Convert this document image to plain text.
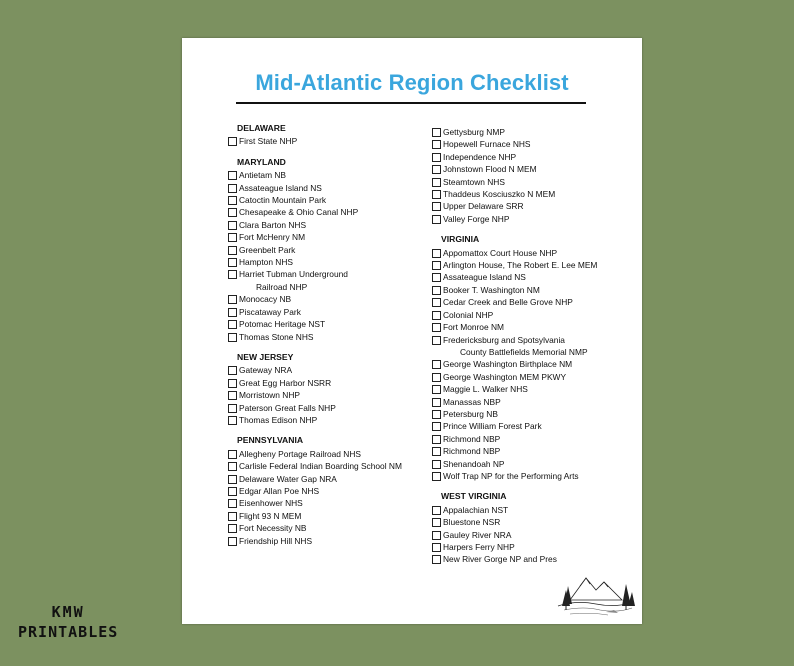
Mid-Atlantic Region Checklist
DELAWARE
First State NHP
MARYLAND
Antietam NB
Assateague Island NS
Catoctin Mountain Park
Chesapeake & Ohio Canal NHP
Clara Barton NHS
Fort McHenry NM
Greenbelt Park
Hampton NHS
Harriet Tubman Underground
Railroad NHP
Monocacy NB
Piscataway Park
Potomac Heritage NST
Thomas Stone NHS
NEW JERSEY
Gateway NRA
Great Egg Harbor NSRR
Morristown NHP
Paterson Great Falls NHP
Thomas Edison NHP
PENNSYLVANIA
Allegheny Portage Railroad NHS
Carlisle Federal Indian Boarding School NM
Delaware Water Gap NRA
Edgar Allan Poe NHS
Eisenhower NHS
Flight 93 N MEM
Fort Necessity NB
Friendship Hill NHS
Gettysburg NMP
Hopewell Furnace NHS
Independence NHP
Johnstown Flood N MEM
Steamtown NHS
Thaddeus Kosciuszko N MEM
Upper Delaware SRR
Valley Forge NHP
VIRGINIA
Appomattox Court House NHP
Arlington House, The Robert E. Lee MEM
Assateague Island NS
Booker T. Washington NM
Cedar Creek and Belle Grove NHP
Colonial NHP
Fort Monroe NM
Fredericksburg and Spotsylvania
County Battlefields Memorial NMP
George Washington Birthplace NM
George Washington MEM PKWY
Maggie L. Walker NHS
Manassas NBP
Petersburg NB
Prince William Forest Park
Richmond NBP
Richmond NBP
Shenandoah NP
Wolf Trap NP for the Performing Arts
WEST VIRGINIA
Appalachian NST
Bluestone NSR
Gauley River NRA
Harpers Ferry NHP
New River Gorge NP and Pres
KMW
PRINTABLES
